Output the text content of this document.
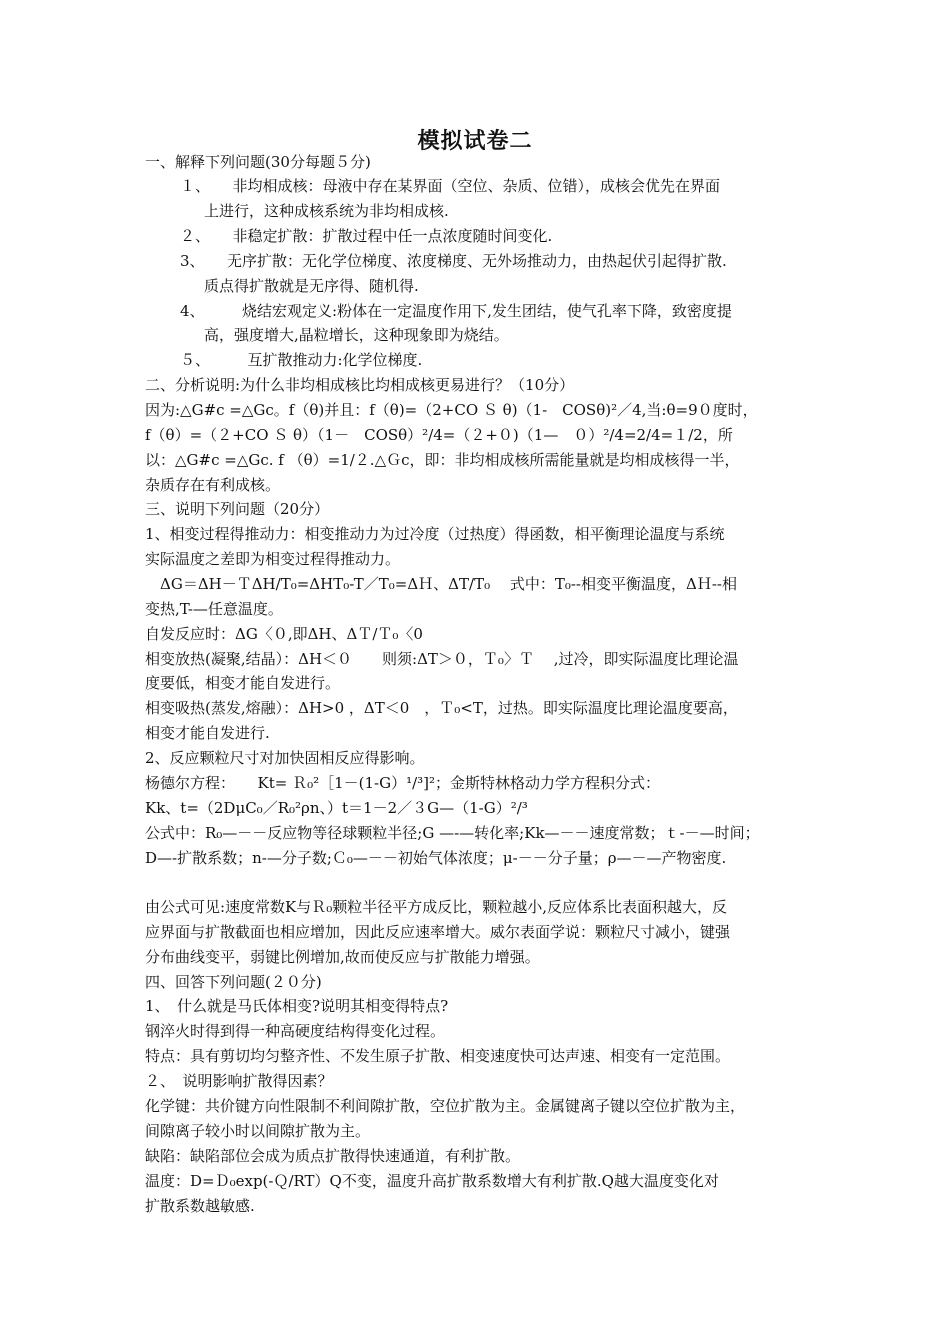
模拟试卷二
一、解释下列问题(30分每题５分)
１、　　非均相成核：母液中存在某界面（空位、杂质、位错），成核会优先在界面
上进行，这种成核系统为非均相成核.
２、　　非稳定扩散：扩散过程中任一点浓度随时间变化.
3、　　无序扩散：无化学位梯度、浓度梯度、无外场推动力，由热起伏引起得扩散.
质点得扩散就是无序得、随机得.
4、　　　烧结宏观定义:粉体在一定温度作用下,发生团结，使气孔率下降，致密度提
高，强度增大,晶粒增长，这种现象即为烧结。
５、　　　互扩散推动力:化学位梯度.
二、分析说明:为什么非均相成核比均相成核更易进行？（10分）
因为:△G#c =△Gc。f（θ)并且：f（θ)=（2+CO Ｓ θ)（1-　COSθ)²／4,当:θ=9０度时，
f（θ）=（２+CO Ｓ θ）（1－　COSθ）²/4=（２+０)（1—　０）²/4=2/4=１/2，所
以：△G#c =△Gc. f （θ）=1/２.△Ｇc，即：非均相成核所需能量就是均相成核得一半，
杂质存在有利成核。
三、说明下列问题（20分）
1、相变过程得推动力：相变推动力为过冷度（过热度）得函数，相平衡理论温度与系统
实际温度之差即为相变过程得推动力。
　ΔG＝ΔH－ＴΔH/T₀=ΔHT₀-T／T₀=ΔＨ、ΔT/T₀　 式中：T₀--相变平衡温度，ΔＨ--相
变热,T-—任意温度。
自发反应时：ΔG〈０,即ΔH、ΔＴ/Ｔ₀〈0
相变放热(凝聚,结晶）：ΔH＜０　　则须:ΔT＞０，Ｔ₀〉Ｔ　 ,过冷，即实际温度比理论温
度要低，相变才能自发进行。
相变吸热(蒸发,熔融）：ΔH>0 ，ΔT＜0　，Ｔ₀<T，过热。即实际温度比理论温度要高，
相变才能自发进行.
2、反应颗粒尺寸对加快固相反应得影响。
杨德尔方程：　　Kt= Ｒ₀²［1－(1-G）¹/³]²；金斯特林格动力学方程积分式：
Kk、t=（2DμC₀／R₀²ρn、）t＝1－2／３G—（1-G）²/³
公式中：R₀—－－反应物等径球颗粒半径;G —-—转化率;Kk—－－速度常数；ｔ-－—时间；
D—-扩散系数；n-—分子数;Ｃ₀—－－初始气体浓度；μ-－－分子量；ρ—－—产物密度.
由公式可见:速度常数K与Ｒ₀颗粒半径平方成反比，颗粒越小,反应体系比表面积越大，反
应界面与扩散截面也相应增加，因此反应速率增大。威尔表面学说：颗粒尺寸减小，键强
分布曲线变平，弱键比例增加,故而使反应与扩散能力增强。
四、回答下列问题(２０分)
1、　什么就是马氏体相变?说明其相变得特点?
钢淬火时得到得一种高硬度结构得变化过程。
特点：具有剪切均匀整齐性、不发生原子扩散、相变速度快可达声速、相变有一定范围。
２、　说明影响扩散得因素？
化学键：共价键方向性限制不利间隙扩散，空位扩散为主。金属键离子键以空位扩散为主，
间隙离子较小时以间隙扩散为主。
缺陷：缺陷部位会成为质点扩散得快速通道，有利扩散。
温度：D=Ｄ₀exp(-Ｑ/RT）Q不变，温度升高扩散系数增大有利扩散.Q越大温度变化对
扩散系数越敏感.
